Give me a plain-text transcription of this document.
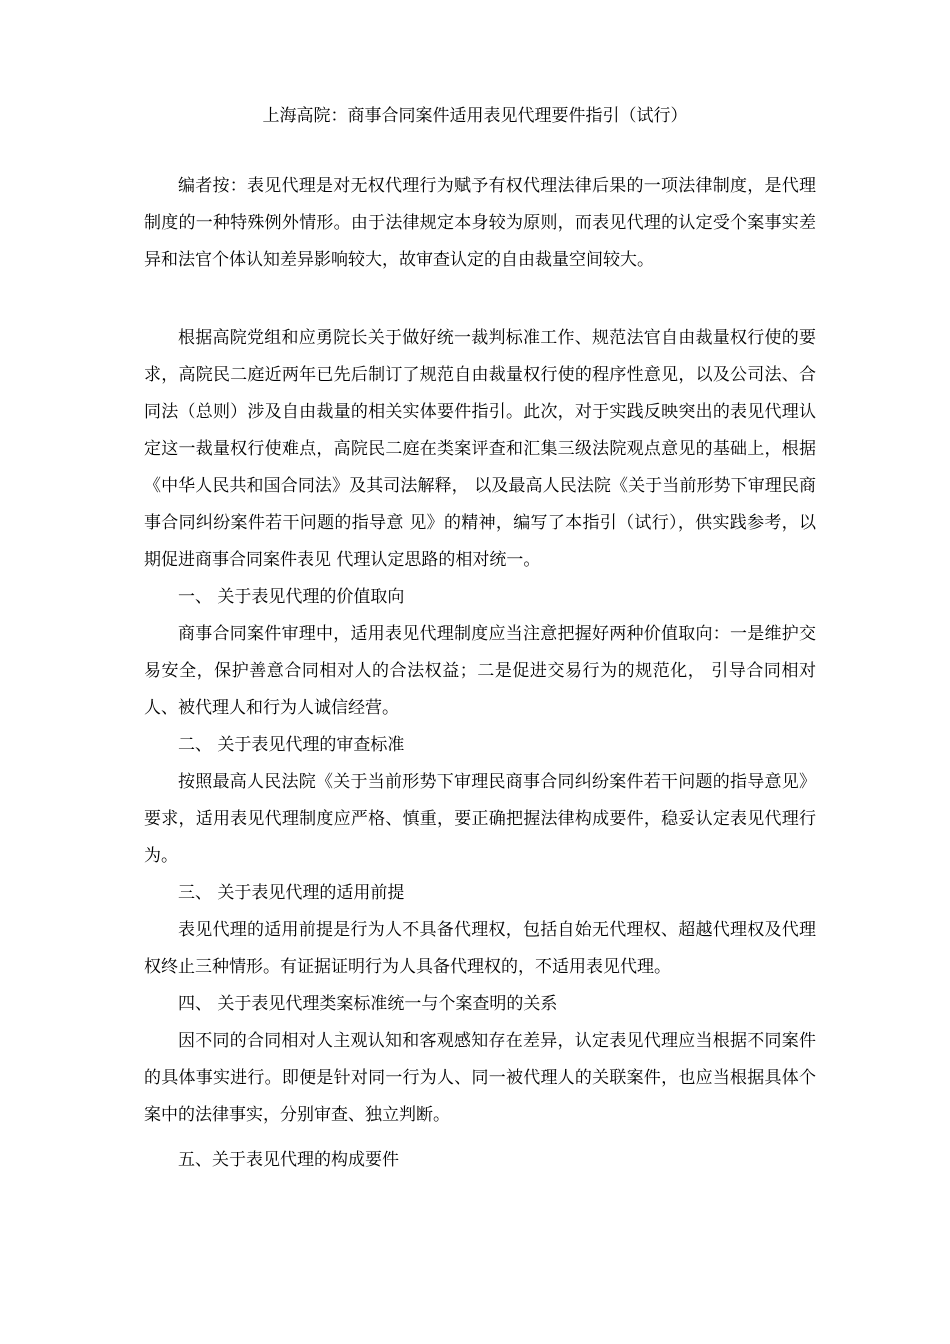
上海高院：商事合同案件适用表见代理要件指引（试行）

编者按：表见代理是对无权代理行为赋予有权代理法律后果的一项法律制度，是代理制度的一种特殊例外情形。由于法律规定本身较为原则，而表见代理的认定受个案事实差异和法官个体认知差异影响较大，故审查认定的自由裁量空间较大。

根据高院党组和应勇院长关于做好统一裁判标准工作、规范法官自由裁量权行使的要求，高院民二庭近两年已先后制订了规范自由裁量权行使的程序性意见，以及公司法、合同法（总则）涉及自由裁量的相关实体要件指引。此次，对于实践反映突出的表见代理认定这一裁量权行使难点，高院民二庭在类案评查和汇集三级法院观点意见的基础上，根据《中华人民共和国合同法》及其司法解释， 以及最高人民法院《关于当前形势下审理民商事合同纠纷案件若干问题的指导意 见》的精神，编写了本指引（试行），供实践参考，以期促进商事合同案件表见 代理认定思路的相对统一。

一、 关于表见代理的价值取向

商事合同案件审理中，适用表见代理制度应当注意把握好两种价值取向：一是维护交易安全，保护善意合同相对人的合法权益；二是促进交易行为的规范化， 引导合同相对人、被代理人和行为人诚信经营。

二、 关于表见代理的审查标准

按照最高人民法院《关于当前形势下审理民商事合同纠纷案件若干问题的指导意见》要求，适用表见代理制度应严格、慎重，要正确把握法律构成要件，稳妥认定表见代理行为。

三、 关于表见代理的适用前提

表见代理的适用前提是行为人不具备代理权，包括自始无代理权、超越代理权及代理权终止三种情形。有证据证明行为人具备代理权的，不适用表见代理。

四、 关于表见代理类案标准统一与个案查明的关系

因不同的合同相对人主观认知和客观感知存在差异，认定表见代理应当根据不同案件的具体事实进行。即便是针对同一行为人、同一被代理人的关联案件，也应当根据具体个案中的法律事实，分别审查、独立判断。

五、关于表见代理的构成要件
